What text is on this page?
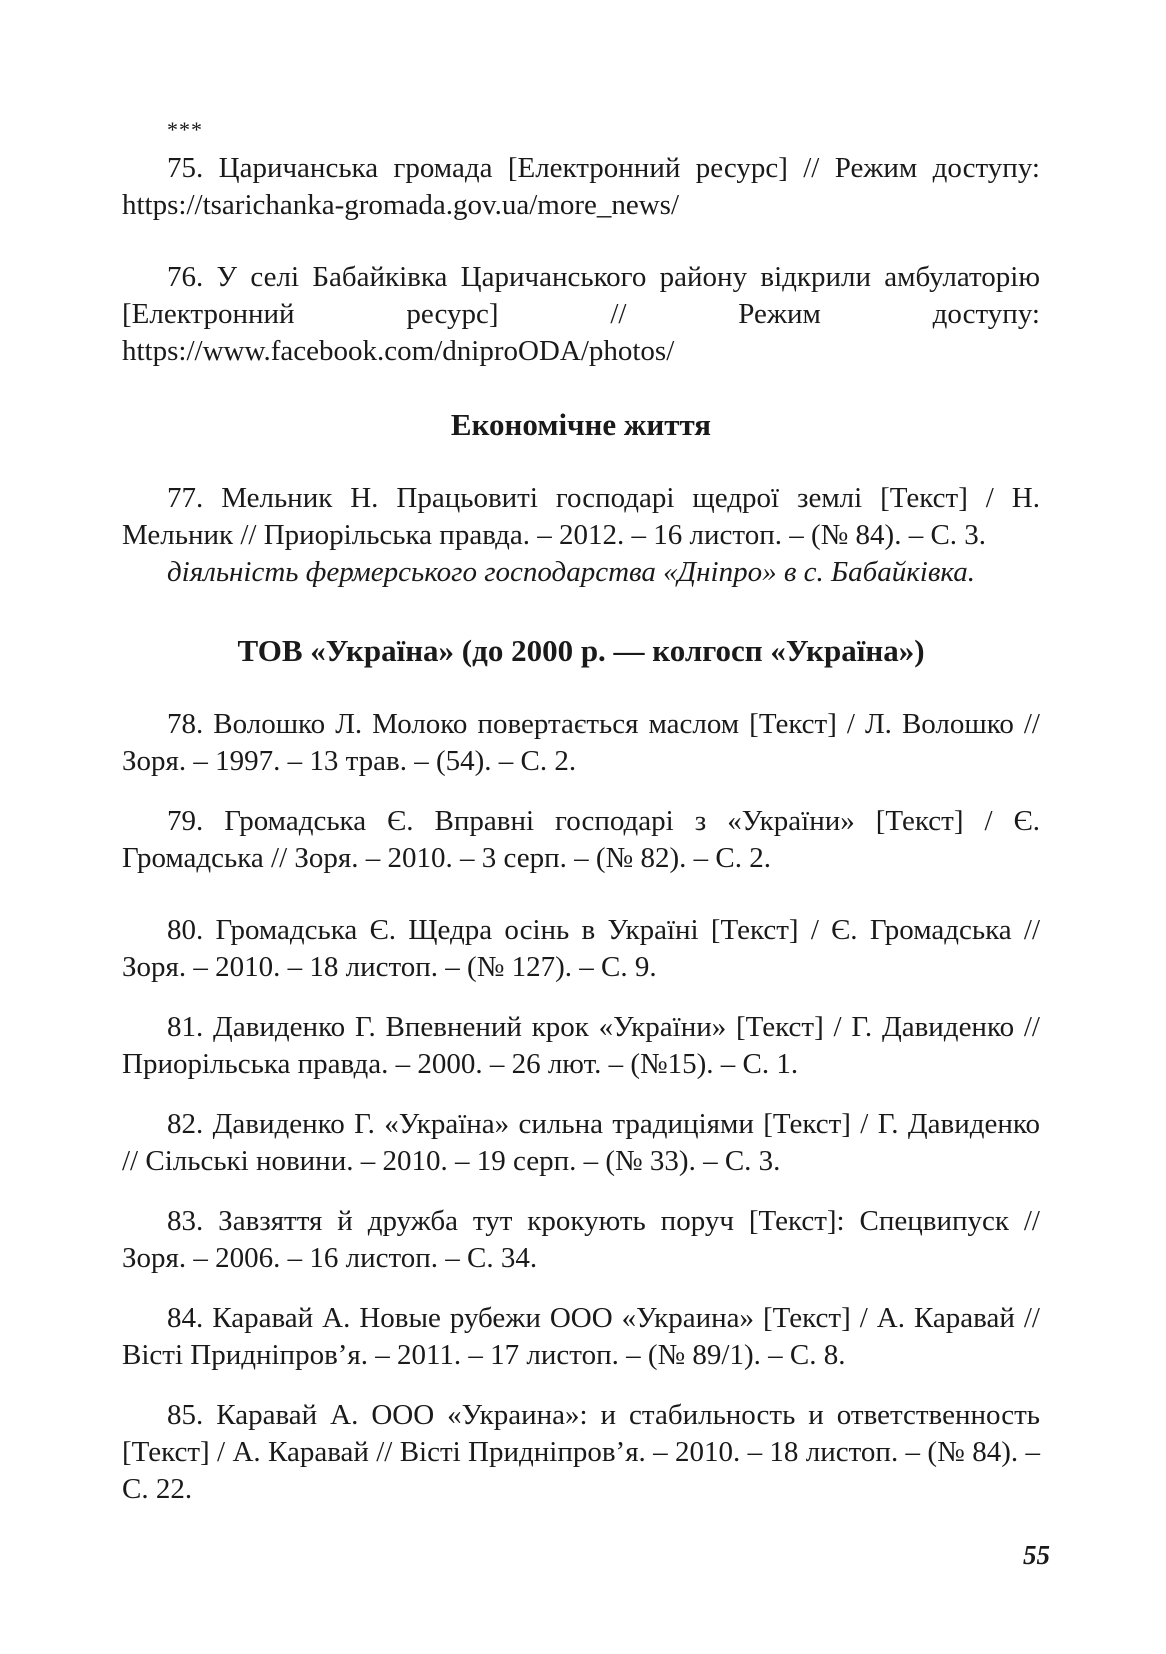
***

75. Царичанська громада [Електронний ресурс] // Режим доступу: https://tsarichanka-gromada.gov.ua/more_news/

76. У селі Бабайківка Царичанського району відкрили амбулаторію [Електронний ресурс] // Режим доступу: https://www.facebook.com/dniproODA/photos/

Економічне життя

77. Мельник Н. Працьовиті господарі щедрої землі [Текст] / Н. Мельник // Приорільська правда. – 2012. – 16 листоп. – (№ 84). – С. 3.
діяльність фермерського господарства «Дніпро» в с. Бабайківка.

ТОВ «Україна» (до 2000 р. — колгосп «Україна»)

78. Волошко Л. Молоко повертається маслом [Текст] / Л. Волошко // Зоря. – 1997. – 13 трав. – (54). – С. 2.

79. Громадська Є. Вправні господарі з «України» [Текст] / Є. Громадська // Зоря. – 2010. – 3 серп. – (№ 82). – С. 2.

80. Громадська Є. Щедра осінь в Україні [Текст] / Є. Громадська // Зоря. – 2010. – 18 листоп. – (№ 127). – С. 9.

81. Давиденко Г. Впевнений крок «України» [Текст] / Г. Давиденко // Приорільська правда. – 2000. – 26 лют. – (№15). – С. 1.

82. Давиденко Г. «Україна» сильна традиціями [Текст] / Г. Давиденко // Сільські новини. – 2010. – 19 серп. – (№ 33). – С. 3.

83. Завзяття й дружба тут крокують поруч [Текст]: Спецвипуск // Зоря. – 2006. – 16 листоп. – С. 34.

84. Каравай А. Новые рубежи ООО «Украина» [Текст] / А. Каравай // Вісті Придніпров’я. – 2011. – 17 листоп. – (№ 89/1). – С. 8.

85. Каравай А. ООО «Украина»: и стабильность и ответственность [Текст] / А. Каравай // Вісті Придніпров’я. – 2010. – 18 листоп. – (№ 84). – С. 22.

55
